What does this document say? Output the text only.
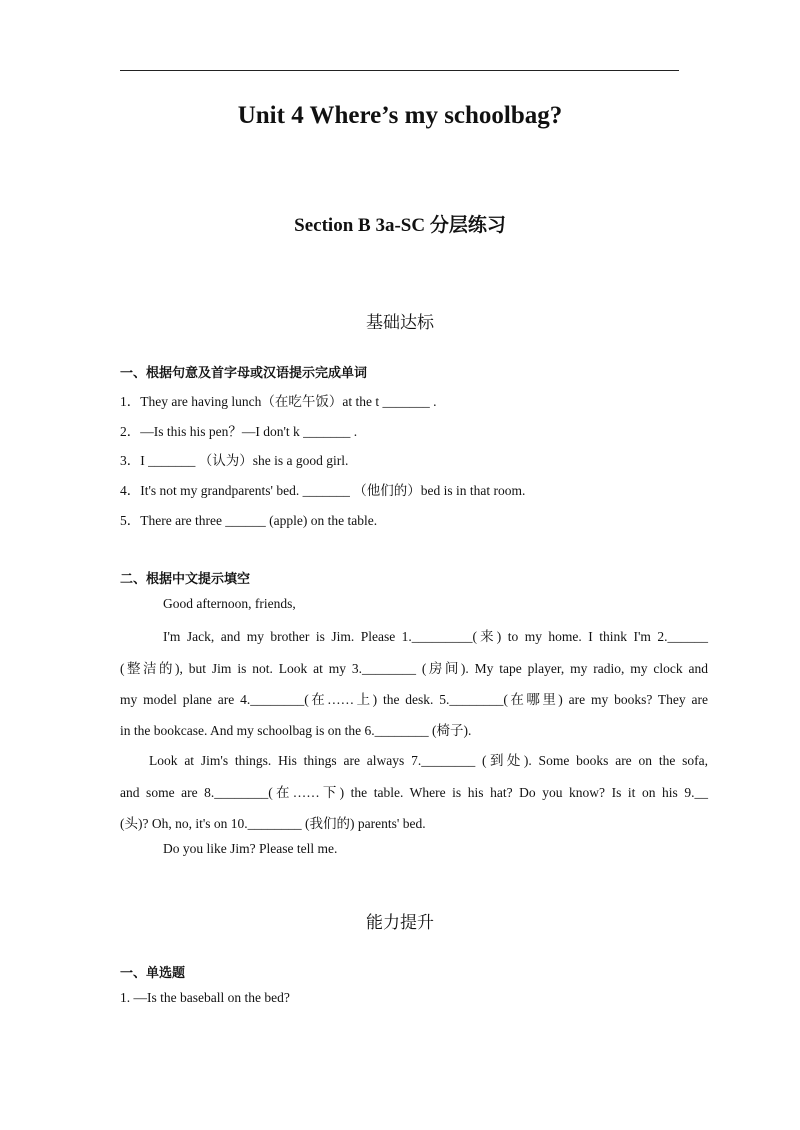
Unit 4 Where’s my schoolbag?
Section B 3a-SC 分层练习
基础达标
一、根据句意及首字母或汉语提示完成单词
1．They are having lunch（在吃午饭）at the t _______ .
2．—Is this his pen？—I don't k _______ .
3．I _______ （认为）she is a good girl.
4．It's not my grandparents' bed. _______ （他们的）bed is in that room.
5．There are three ______ (apple) on the table.
二、根据中文提示填空
Good afternoon, friends,
I'm Jack, and my brother is Jim. Please 1._________(来) to my home. I think I'm 2.______
(整洁的), but Jim is not. Look at my 3.________ (房间). My tape player, my radio, my clock and
my model plane are 4.________(在……上) the desk. 5.________(在哪里) are my books? They are
in the bookcase. And my schoolbag is on the 6.________ (椅子).
Look at Jim's things. His things are always 7.________ (到处). Some books are on the sofa,
and some are 8.________(在……下) the table. Where is his hat? Do you know? Is it on his 9.__
(头)? Oh, no, it's on 10.________ (我们的) parents' bed.
Do you like Jim? Please tell me.
能力提升
一、单选题
1. —Is the baseball on the bed?
